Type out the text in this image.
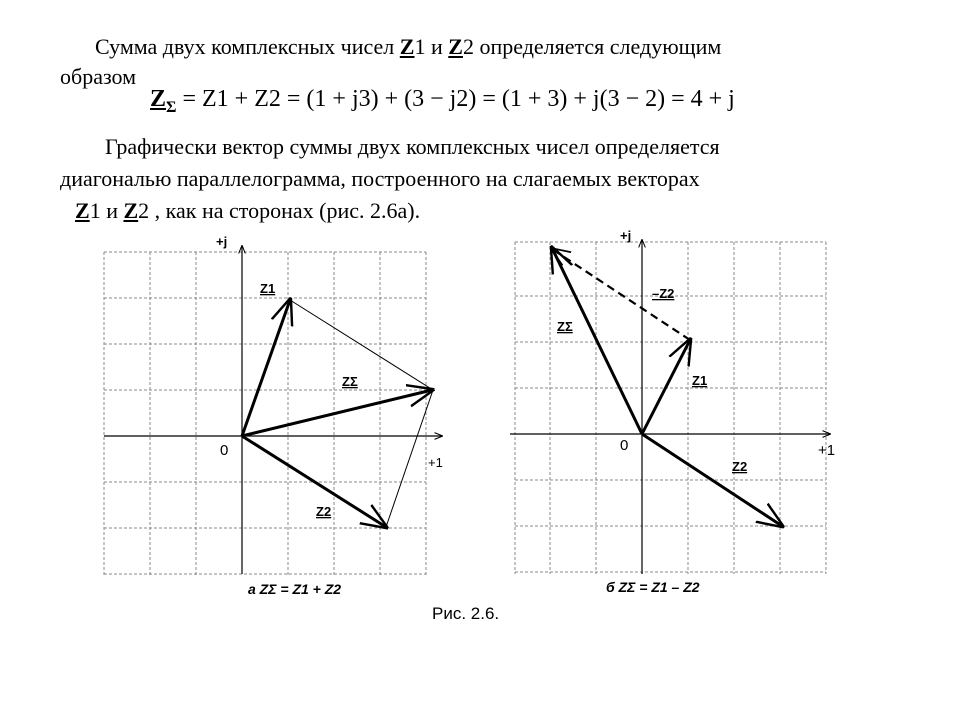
Сумма двух комплексных чисел Z1 и Z2 определяется следующим

образом

$Z_\Sigma = Z1 + Z2 = (1 + j3) + (3 - j2) = (1 + 3) + j(3 - 2) = 4 + j$

Графически вектор суммы двух комплексных чисел определяется

диагональю параллелограмма, построенного на слагаемых векторах

Z1 и Z2 , как на сторонах (рис. 2.6а).

+j
+1
0
Z1
ZΣ
Z2
а ZΣ = Z1 + Z2
+j
+1
0
–Z2
ZΣ
Z1
Z2
б ZΣ = Z1 – Z2
Рис. 2.6.
